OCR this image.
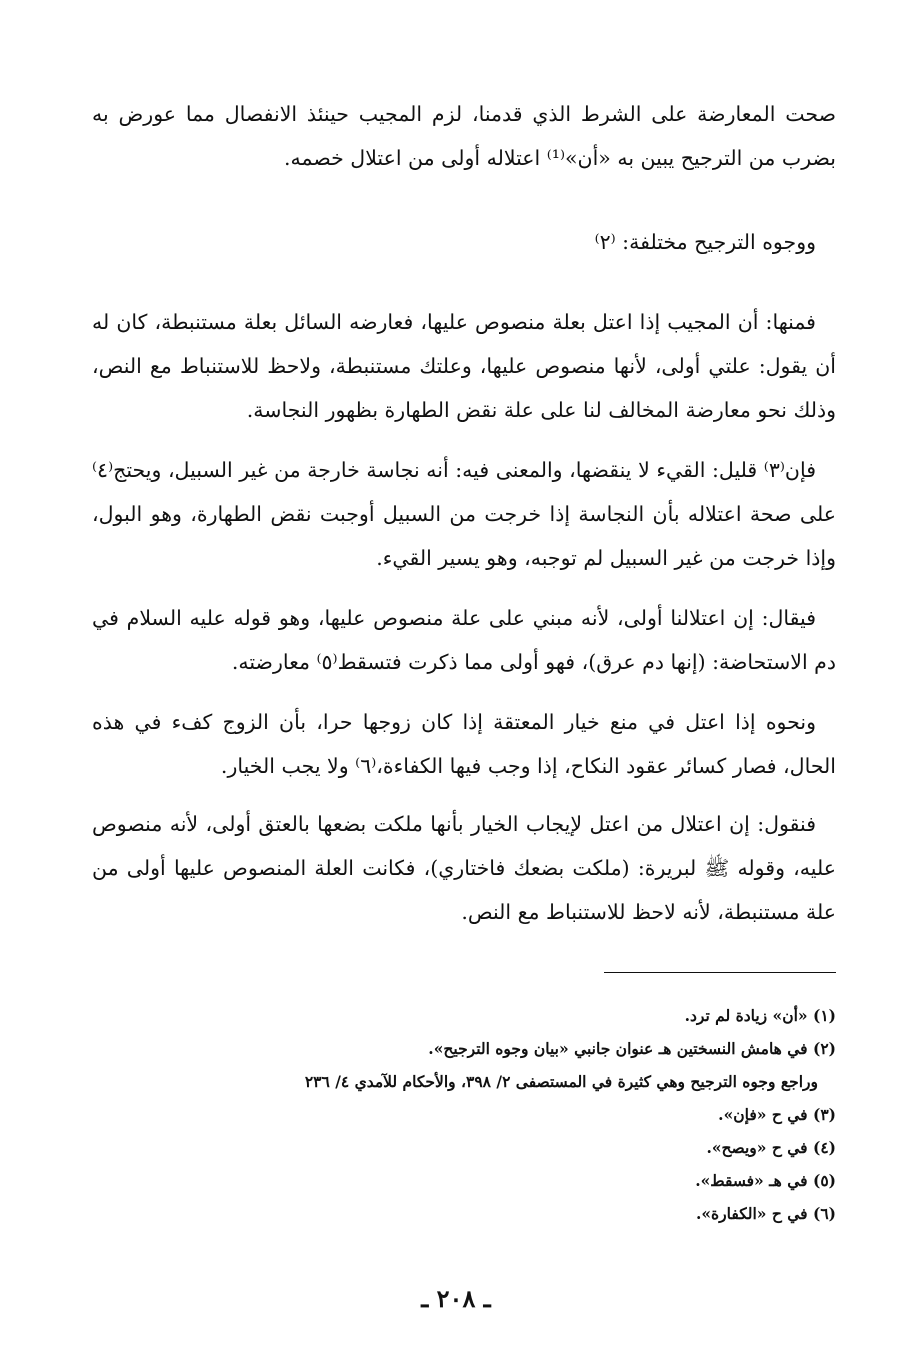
صحت المعارضة على الشرط الذي قدمنا، لزم المجيب حينئذ الانفصال مما عورض به بضرب من الترجيح يبين به «أن»⁽¹⁾ اعتلاله أولى من اعتلال خصمه.

ووجوه الترجيح مختلفة: ⁽٢⁾

فمنها: أن المجيب إذا اعتل بعلة منصوص عليها، فعارضه السائل بعلة مستنبطة، كان له أن يقول: علتي أولى، لأنها منصوص عليها، وعلتك مستنبطة، ولاحظ للاستنباط مع النص، وذلك نحو معارضة المخالف لنا على علة نقض الطهارة بظهور النجاسة.

فإن⁽٣⁾ قليل: القيء لا ينقضها، والمعنى فيه: أنه نجاسة خارجة من غير السبيل، ويحتج⁽٤⁾ على صحة اعتلاله بأن النجاسة إذا خرجت من السبيل أوجبت نقض الطهارة، وهو البول، وإذا خرجت من غير السبيل لم توجبه، وهو يسير القيء.

فيقال: إن اعتلالنا أولى، لأنه مبني على علة منصوص عليها، وهو قوله عليه السلام في دم الاستحاضة: (إنها دم عرق)، فهو أولى مما ذكرت فتسقط⁽٥⁾ معارضته.

ونحوه إذا اعتل في منع خيار المعتقة إذا كان زوجها حرا، بأن الزوج كفء في هذه الحال، فصار كسائر عقود النكاح، إذا وجب فيها الكفاءة،⁽٦⁾ ولا يجب الخيار.

فنقول: إن اعتلال من اعتل لإيجاب الخيار بأنها ملكت بضعها بالعتق أولى، لأنه منصوص عليه، وقوله ﷺ لبريرة: (ملكت بضعك فاختاري)، فكانت العلة المنصوص عليها أولى من علة مستنبطة، لأنه لاحظ للاستنباط مع النص.

(١) «أن» زيادة لم ترد.

(٢) في هامش النسختين هـ عنوان جانبي «بيان وجوه الترجيح».

وراجع وجوه الترجيح وهي كثيرة في المستصفى ٢/ ٣٩٨، والأحكام للآمدي ٤/ ٢٣٦

(٣) في ح «فإن».

(٤) في ح «ويصح».

(٥) في هـ «فسقط».

(٦) في ح «الكفارة».

ـ ٢٠٨ ـ
